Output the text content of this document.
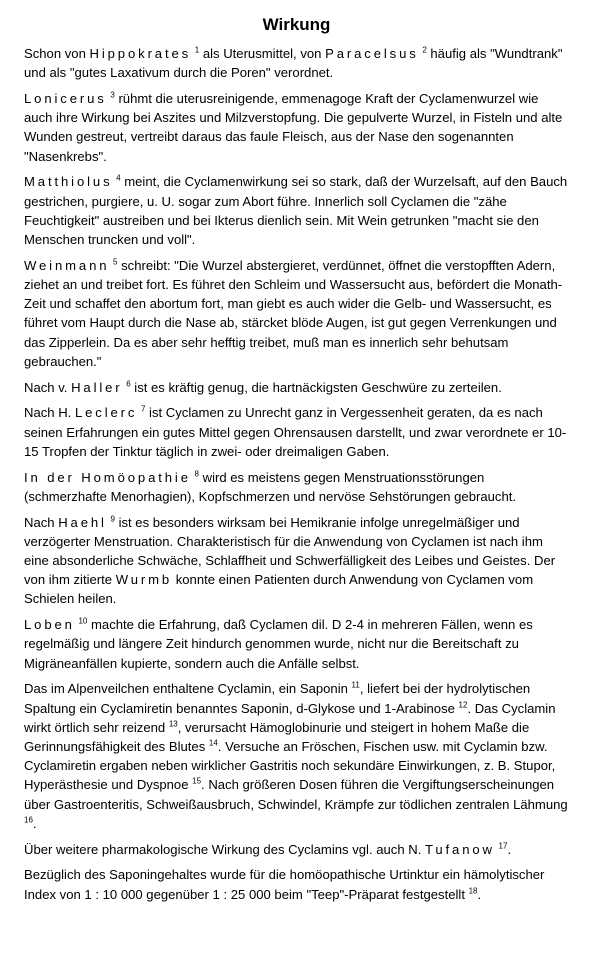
Wirkung

Schon von Hippokrates $^1$ als Uterusmittel, von Paracelsus $^2$ häufig als "Wundtrank" und als "gutes Laxativum durch die Poren" verordnet.

Lonicerus $^3$ rühmt die uterusreinigende, emmenagoge Kraft der Cyclamenwurzel wie auch ihre Wirkung bei Aszites und Milzverstopfung. Die gepulverte Wurzel, in Fisteln und alte Wunden gestreut, vertreibt daraus das faule Fleisch, aus der Nase den sogenannten "Nasenkrebs".

Matthiolus $^4$ meint, die Cyclamenwirkung sei so stark, daß der Wurzelsaft, auf den Bauch gestrichen, purgiere, u. U. sogar zum Abort führe. Innerlich soll Cyclamen die "zähe Feuchtigkeit" austreiben und bei Ikterus dienlich sein. Mit Wein getrunken "macht sie den Menschen truncken und voll".

Weinmann $^5$ schreibt: "Die Wurzel abstergieret, verdünnet, öffnet die verstopfften Adern, ziehet an und treibet fort. Es führet den Schleim und Wassersucht aus, befördert die Monath-Zeit und schaffet den abortum fort, man giebt es auch wider die Gelb- und Wassersucht, es führet vom Haupt durch die Nase ab, stärcket blöde Augen, ist gut gegen Verrenkungen und das Zipperlein. Da es aber sehr hefftig treibet, muß man es innerlich sehr behutsam gebrauchen."

Nach v. Haller $^6$ ist es kräftig genug, die hartnäckigsten Geschwüre zu zerteilen.

Nach H. Leclerc $^7$ ist Cyclamen zu Unrecht ganz in Vergessenheit geraten, da es nach seinen Erfahrungen ein gutes Mittel gegen Ohrensausen darstellt, und zwar verordnete er 10-15 Tropfen der Tinktur täglich in zwei- oder dreimaligen Gaben.

In der Homöopathie $^8$ wird es meistens gegen Menstruationsstörungen (schmerzhafte Menorhagien), Kopfschmerzen und nervöse Sehstörungen gebraucht.

Nach Haehl $^9$ ist es besonders wirksam bei Hemikranie infolge unregelmäßiger und verzögerter Menstruation. Charakteristisch für die Anwendung von Cyclamen ist nach ihm eine absonderliche Schwäche, Schlaffheit und Schwerfälligkeit des Leibes und Geistes. Der von ihm zitierte Wurmb konnte einen Patienten durch Anwendung von Cyclamen vom Schielen heilen.

Loben $^{10}$ machte die Erfahrung, daß Cyclamen dil. D 2-4 in mehreren Fällen, wenn es regelmäßig und längere Zeit hindurch genommen wurde, nicht nur die Bereitschaft zu Migräneanfällen kupierte, sondern auch die Anfälle selbst.

Das im Alpenveilchen enthaltene Cyclamin, ein Saponin $^{11}$, liefert bei der hydrolytischen Spaltung ein Cyclamiretin benanntes Saponin, d-Glykose und 1-Arabinose $^{12}$. Das Cyclamin wirkt örtlich sehr reizend $^{13}$, verursacht Hämoglobinurie und steigert in hohem Maße die Gerinnungsfähigkeit des Blutes $^{14}$. Versuche an Fröschen, Fischen usw. mit Cyclamin bzw. Cyclamiretin ergaben neben wirklicher Gastritis noch sekundäre Einwirkungen, z. B. Stupor, Hyperästhesie und Dyspnoe $^{15}$. Nach größeren Dosen führen die Vergiftungserscheinungen über Gastroenteritis, Schweißausbruch, Schwindel, Krämpfe zur tödlichen zentralen Lähmung $^{16}$.

Über weitere pharmakologische Wirkung des Cyclamins vgl. auch N. Tufanow $^{17}$.

Bezüglich des Saponingehaltes wurde für die homöopathische Urtinktur ein hämolytischer Index von 1 : 10 000 gegenüber 1 : 25 000 beim "Teep"-Präparat festgestellt $^{18}$.
